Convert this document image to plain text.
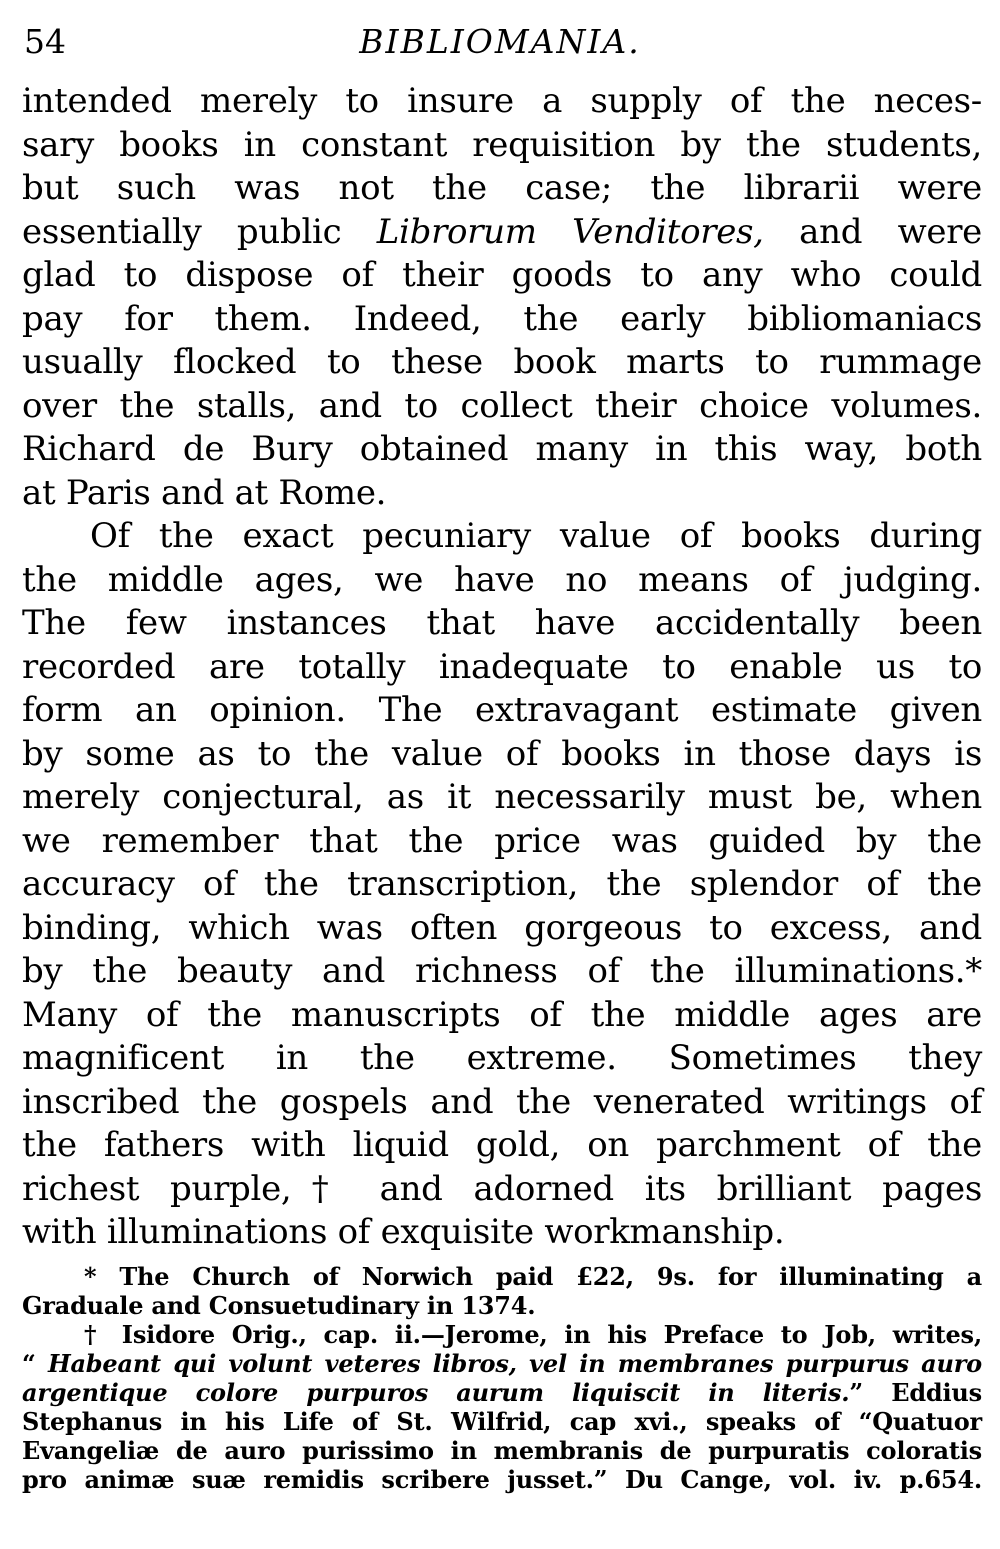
54	BIBLIOMANIA.
intended merely to insure a supply of the neces-
sary books in constant requisition by the students,
but such was not the case; the librarii were
essentially public Librorum Venditores, and were
glad to dispose of their goods to any who could
pay for them. Indeed, the early bibliomaniacs
usually flocked to these book marts to rummage
over the stalls, and to collect their choice volumes.
Richard de Bury obtained many in this way, both
at Paris and at Rome.
Of the exact pecuniary value of books during
the middle ages, we have no means of judging.
The few instances that have accidentally been
recorded are totally inadequate to enable us to
form an opinion. The extravagant estimate given
by some as to the value of books in those days is
merely conjectural, as it necessarily must be, when
we remember that the price was guided by the
accuracy of the transcription, the splendor of the
binding, which was often gorgeous to excess, and
by the beauty and richness of the illuminations.*
Many of the manuscripts of the middle ages are
magnificent in the extreme. Sometimes they
inscribed the gospels and the venerated writings of
the fathers with liquid gold, on parchment of the
richest purple,† and adorned its brilliant pages
with illuminations of exquisite workmanship.
* The Church of Norwich paid £22, 9s. for illuminating a
Graduale and Consuetudinary in 1374.
† Isidore Orig., cap. ii.—Jerome, in his Preface to Job, writes,
“ Habeant qui volunt veteres libros, vel in membranes purpurus auro
argentique colore purpuros aurum liquiscit in literis.” Eddius
Stephanus in his Life of St. Wilfrid, cap xvi., speaks of “Quatuor
Evangeliæ de auro purissimo in membranis de purpuratis coloratis
pro animæ suæ remidis scribere jusset.” Du Cange, vol. iv. p.654.
